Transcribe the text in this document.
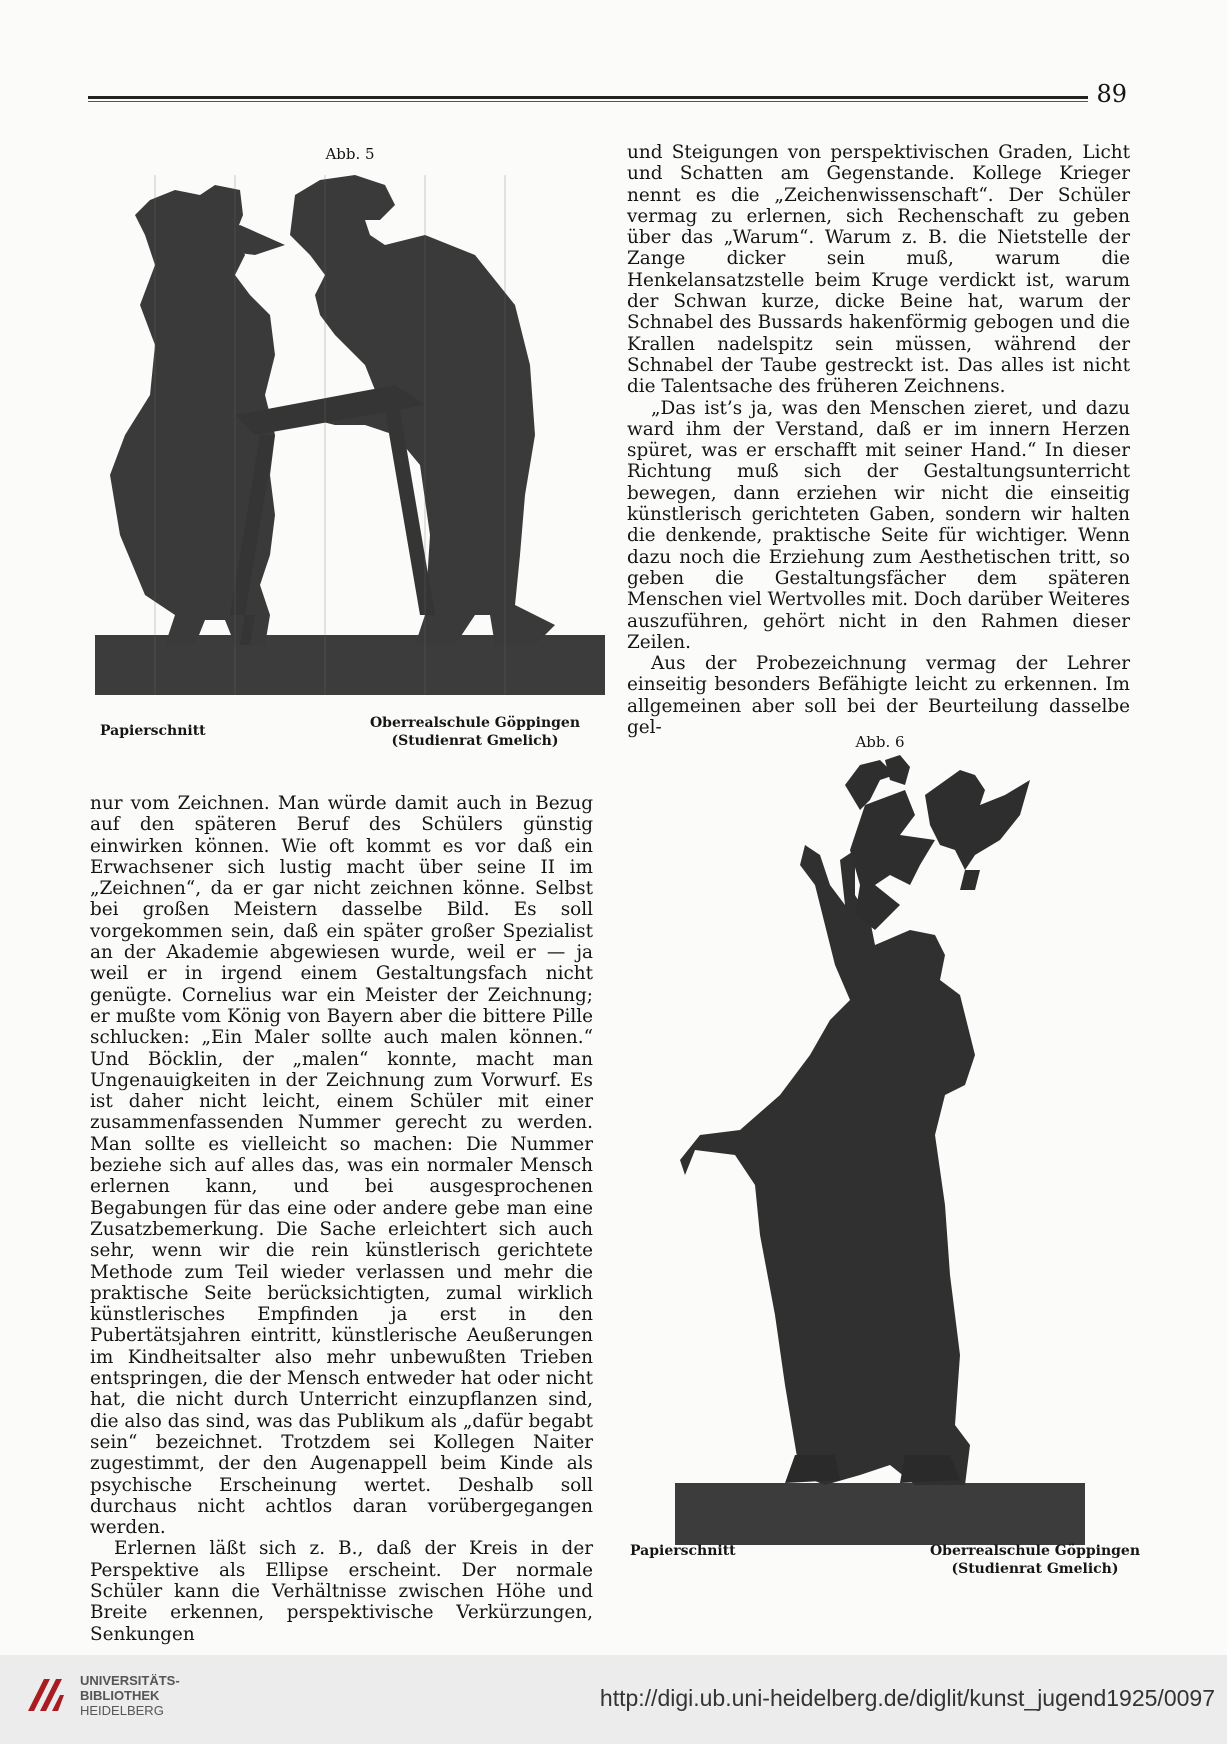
89
Abb. 5
Papierschnitt	Oberrealschule Göppingen
(Studienrat Gmelich)

und Steigungen von perspektivischen Graden, Licht und Schatten am Gegenstande. Kollege Krieger nennt es die „Zeichenwissenschaft“. Der Schüler vermag zu erlernen, sich Rechenschaft zu geben über das „Warum“. Warum z. B. die Nietstelle der Zange dicker sein muß, warum die Henkelansatzstelle beim Kruge verdickt ist, warum der Schwan kurze, dicke Beine hat, warum der Schnabel des Bussards hakenförmig gebogen und die Krallen nadelspitz sein müssen, während der Schnabel der Taube gestreckt ist. Das alles ist nicht die Talentsache des früheren Zeichnens.

„Das ist’s ja, was den Menschen zieret, und dazu ward ihm der Verstand, daß er im innern Herzen spüret, was er erschafft mit seiner Hand.“ In dieser Richtung muß sich der Gestaltungsunterricht bewegen, dann erziehen wir nicht die einseitig künstlerisch gerichteten Gaben, sondern wir halten die denkende, praktische Seite für wichtiger. Wenn dazu noch die Erziehung zum Aesthetischen tritt, so geben die Gestaltungsfächer dem späteren Menschen viel Wertvolles mit. Doch darüber Weiteres auszuführen, gehört nicht in den Rahmen dieser Zeilen.

Aus der Probezeichnung vermag der Lehrer einseitig besonders Befähigte leicht zu erkennen. Im allgemeinen aber soll bei der Beurteilung dasselbe gel-

Abb. 6

nur vom Zeichnen. Man würde damit auch in Bezug auf den späteren Beruf des Schülers günstig einwirken können. Wie oft kommt es vor daß ein Erwachsener sich lustig macht über seine II im „Zeichnen“, da er gar nicht zeichnen könne. Selbst bei großen Meistern dasselbe Bild. Es soll vorgekommen sein, daß ein später großer Spezialist an der Akademie abgewiesen wurde, weil er — ja weil er in irgend einem Gestaltungsfach nicht genügte. Cornelius war ein Meister der Zeichnung; er mußte vom König von Bayern aber die bittere Pille schlucken: „Ein Maler sollte auch malen können.“ Und Böcklin, der „malen“ konnte, macht man Ungenauigkeiten in der Zeichnung zum Vorwurf. Es ist daher nicht leicht, einem Schüler mit einer zusammenfassenden Nummer gerecht zu werden. Man sollte es vielleicht so machen: Die Nummer beziehe sich auf alles das, was ein normaler Mensch erlernen kann, und bei ausgesprochenen Begabungen für das eine oder andere gebe man eine Zusatzbemerkung. Die Sache erleichtert sich auch sehr, wenn wir die rein künstlerisch gerichtete Methode zum Teil wieder verlassen und mehr die praktische Seite berücksichtigten, zumal wirklich künstlerisches Empfinden ja erst in den Pubertätsjahren eintritt, künstlerische Aeußerungen im Kindheitsalter also mehr unbewußten Trieben entspringen, die der Mensch entweder hat oder nicht hat, die nicht durch Unterricht einzupflanzen sind, die also das sind, was das Publikum als „dafür begabt sein“ bezeichnet. Trotzdem sei Kollegen Naiter zugestimmt, der den Augenappell beim Kinde als psychische Erscheinung wertet. Deshalb soll durchaus nicht achtlos daran vorübergegangen werden.

Erlernen läßt sich z. B., daß der Kreis in der Perspektive als Ellipse erscheint. Der normale Schüler kann die Verhältnisse zwischen Höhe und Breite erkennen, perspektivische Verkürzungen, Senkungen

Papierschnitt	Oberrealschule Göppingen
(Studienrat Gmelich)
UNIVERSITÄTS-
BIBLIOTHEK
HEIDELBERG	http://digi.ub.uni-heidelberg.de/diglit/kunst_jugend1925/0097
